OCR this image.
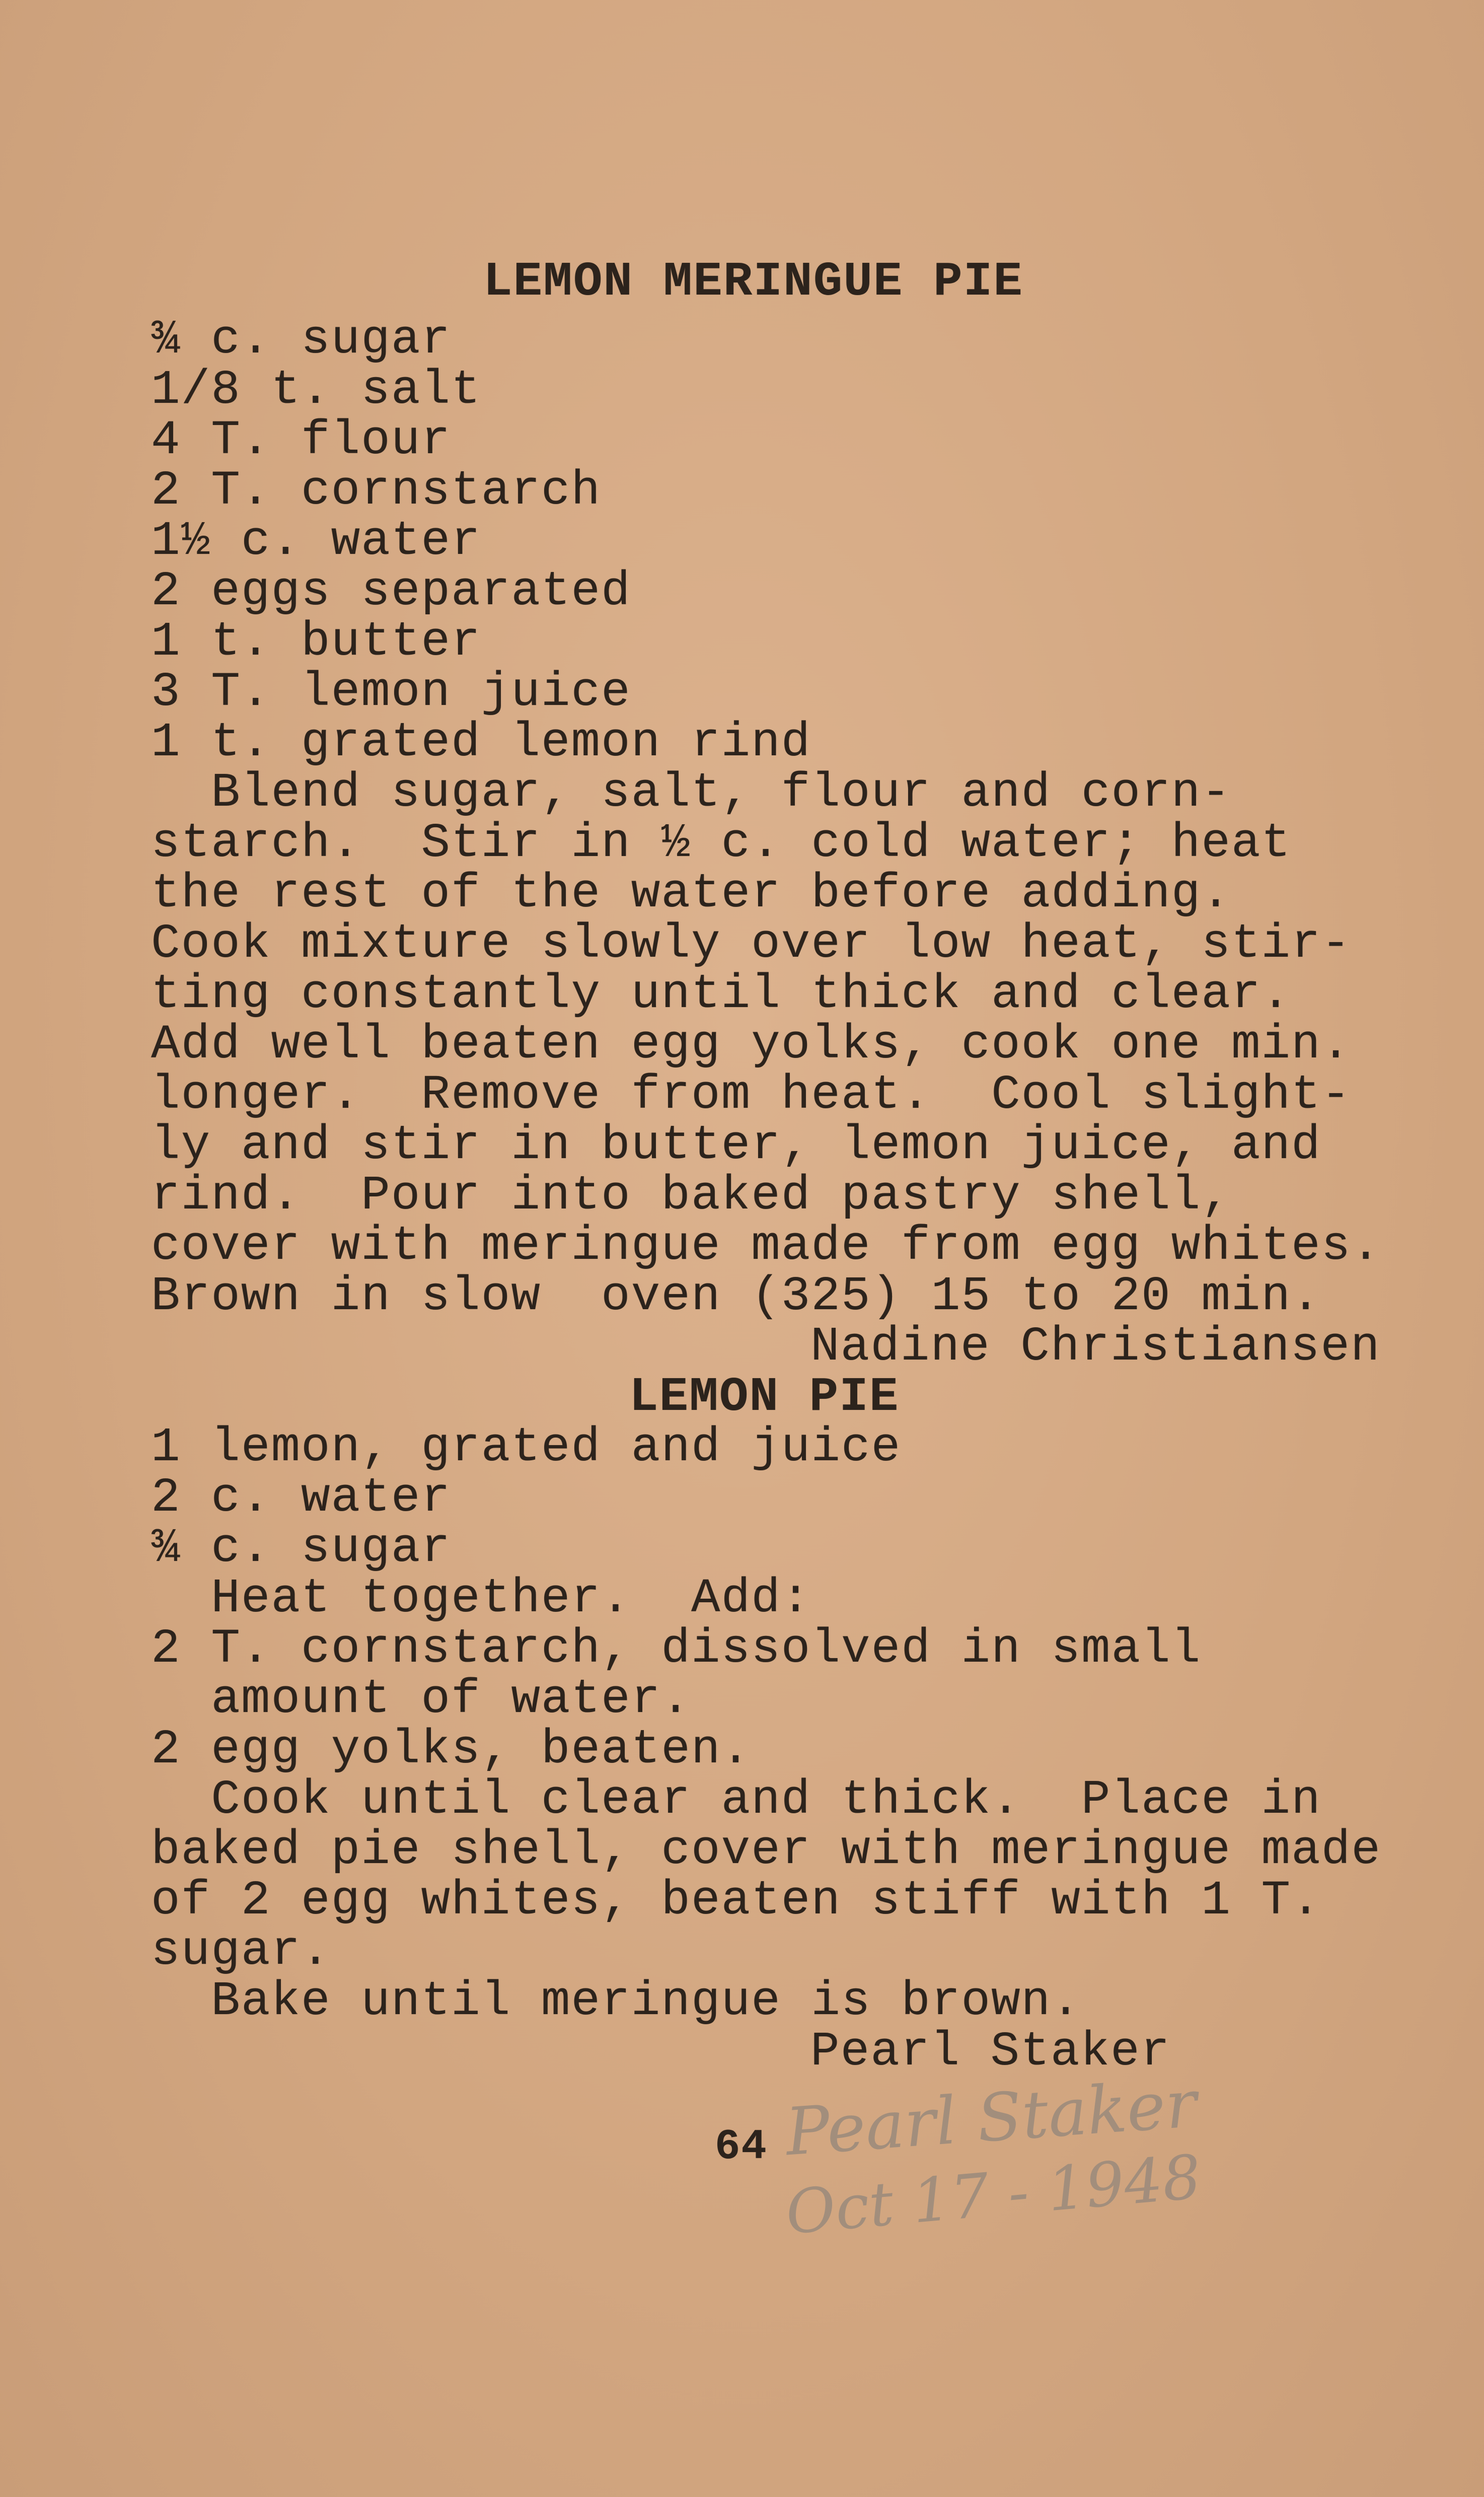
LEMON MERINGUE PIE
¾ c. sugar
1/8 t. salt
4 T. flour
2 T. cornstarch
1½ c. water
2 eggs separated
1 t. butter
3 T. lemon juice
1 t. grated lemon rind
Blend sugar, salt, flour and corn-
starch.  Stir in ½ c. cold water; heat
the rest of the water before adding.
Cook mixture slowly over low heat, stir-
ting constantly until thick and clear.
Add well beaten egg yolks, cook one min.
longer.  Remove from heat.  Cool slight-
ly and stir in butter, lemon juice, and
rind.  Pour into baked pastry shell,
cover with meringue made from egg whites.
Brown in slow  oven (325) 15 to 20 min.
Nadine Christiansen
LEMON PIE
1 lemon, grated and juice
2 c. water
¾ c. sugar
Heat together.  Add:
2 T. cornstarch, dissolved in small
amount of water.
2 egg yolks, beaten.
Cook until clear and thick.  Place in
baked pie shell, cover with meringue made
of 2 egg whites, beaten stiff with 1 T.
sugar.
Bake until meringue is brown.
Pearl Staker
64 Pearl Staker
Oct 17 - 1948
